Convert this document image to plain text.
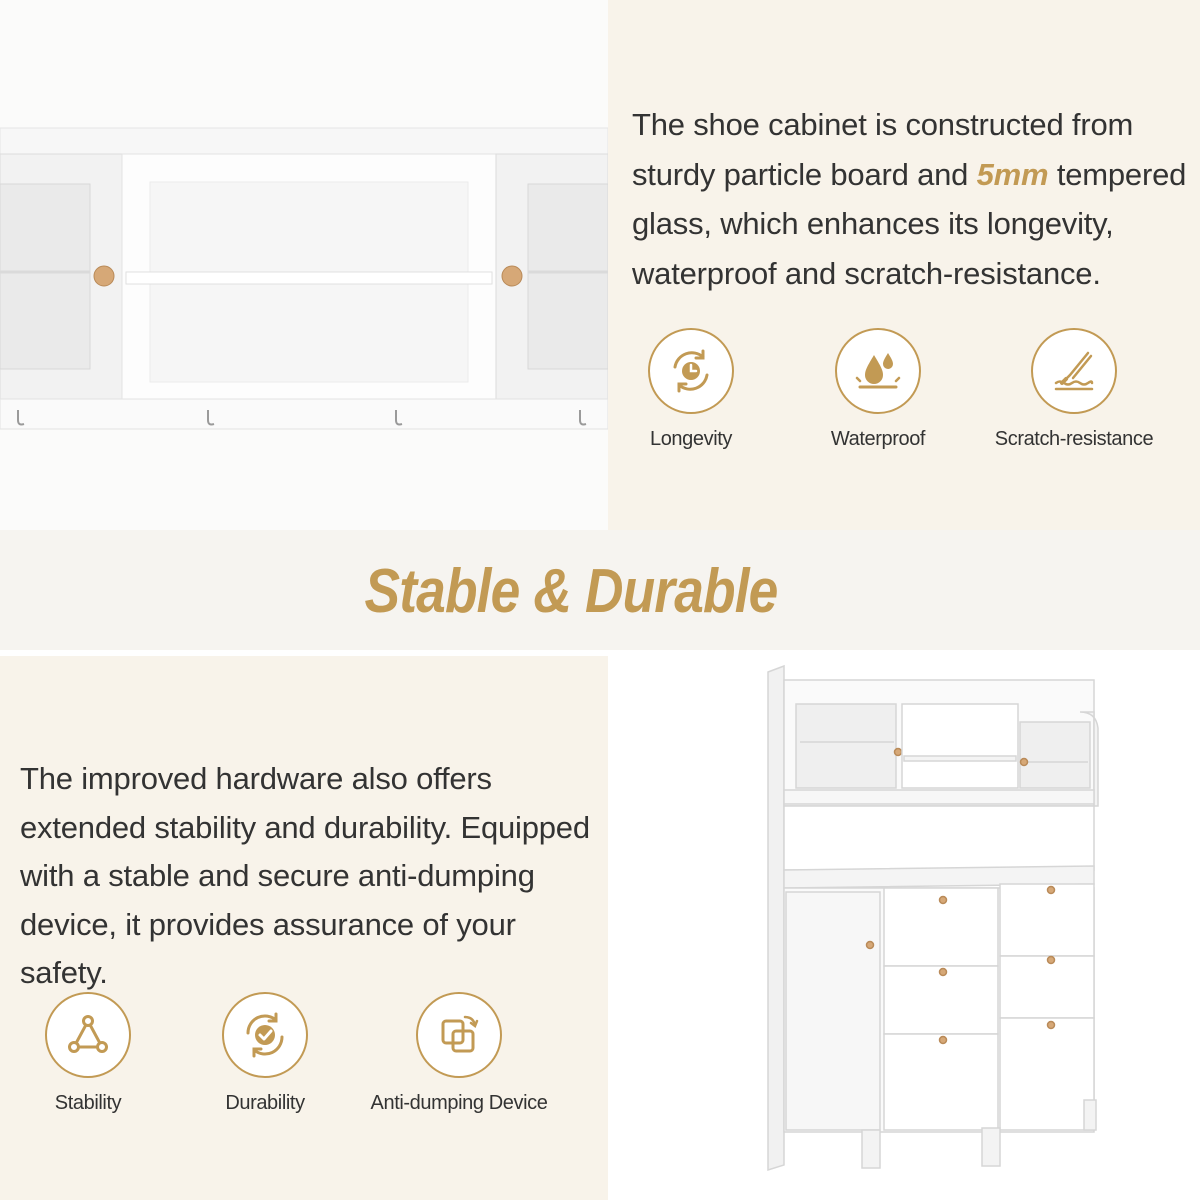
The shoe cabinet is constructed from sturdy particle board and 5mm tempered glass, which enhances its longevity, waterproof and scratch-resistance.

Longevity	Waterproof	Scratch-resistance
Stable & Durable

The improved hardware also offers extended stability and durability. Equipped with a stable and secure anti-dumping device, it provides assurance of your safety.

Stability	Durability	Anti-dumping Device
